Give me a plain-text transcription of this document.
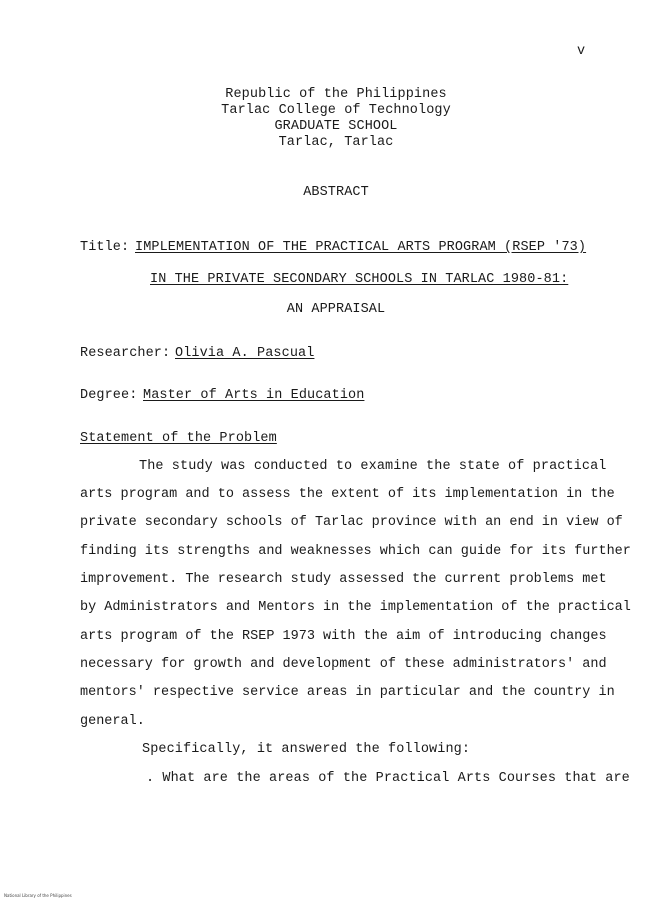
v
Republic of the Philippines
Tarlac College of Technology
GRADUATE SCHOOL
Tarlac, Tarlac
ABSTRACT
Title: IMPLEMENTATION OF THE PRACTICAL ARTS PROGRAM (RSEP '73)
IN THE PRIVATE SECONDARY SCHOOLS IN TARLAC 1980-81:
AN APPRAISAL
Researcher: Olivia A. Pascual
Degree: Master of Arts in Education
Statement of the Problem
The study was conducted to examine the state of practical
arts program and to assess the extent of its implementation in the
private secondary schools of Tarlac province with an end in view of
finding its strengths and weaknesses which can guide for its further
improvement. The research study assessed the current problems met
by Administrators and Mentors in the implementation of the practical
arts program of the RSEP 1973 with the aim of introducing changes
necessary for growth and development of these administrators' and
mentors' respective service areas in particular and the country in
general.
Specifically, it answered the following:
. What are the areas of the Practical Arts Courses that are
National Library of the Philippines
